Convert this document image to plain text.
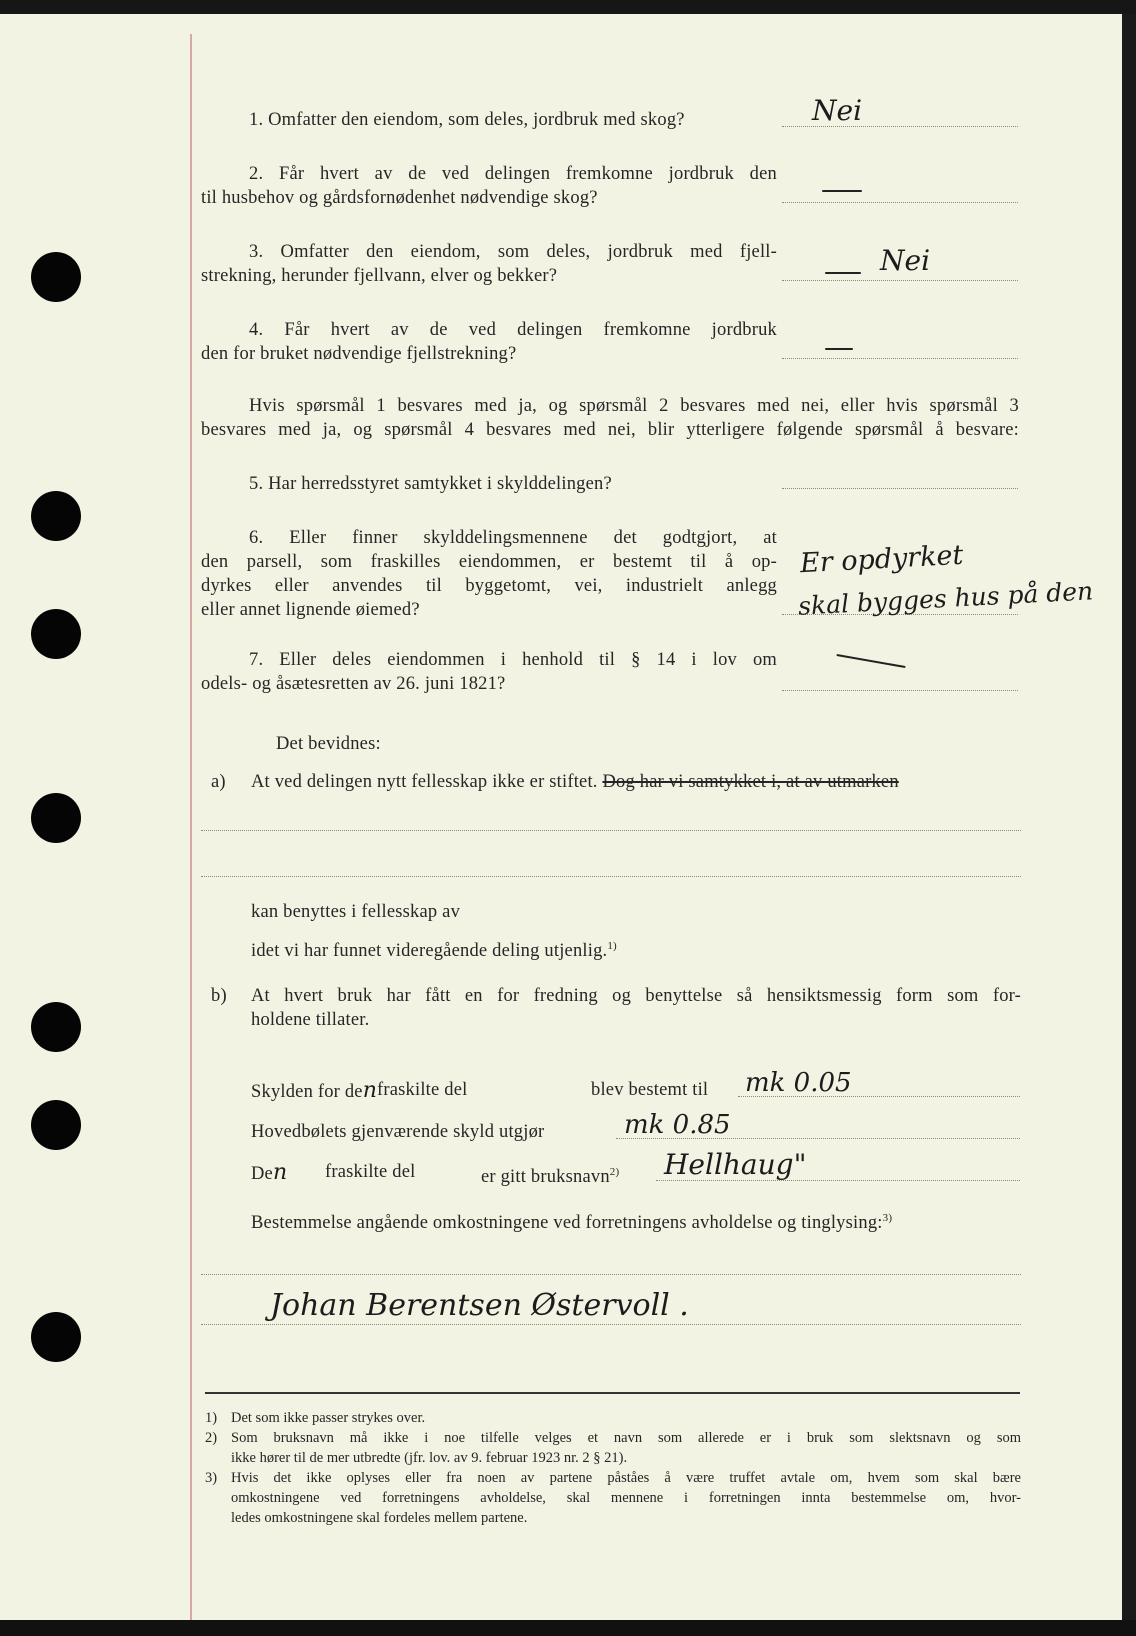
1. Omfatter den eiendom, som deles, jordbruk med skog?	Nei
2. Får hvert av de ved delingen fremkomne jordbruk den
til husbehov og gårdsfornødenhet nødvendige skog?
3. Omfatter den eiendom, som deles, jordbruk med fjell-
strekning, herunder fjellvann, elver og bekker?	Nei
4. Får hvert av de ved delingen fremkomne jordbruk
den for bruket nødvendige fjellstrekning?
Hvis spørsmål 1 besvares med ja, og spørsmål 2 besvares med nei, eller hvis spørsmål 3
besvares med ja, og spørsmål 4 besvares med nei, blir ytterligere følgende spørsmål å besvare:
5. Har herredsstyret samtykket i skylddelingen?
6. Eller finner skylddelingsmennene det godtgjort, at
den parsell, som fraskilles eiendommen, er bestemt til å op-
dyrkes eller anvendes til byggetomt, vei, industrielt anlegg
eller annet lignende øiemed?
Er opdyrket
skal bygges hus på den
7. Eller deles eiendommen i henhold til § 14 i lov om
odels- og åsætesretten av 26. juni 1821?
Det bevidnes:
a) At ved delingen nytt fellesskap ikke er stiftet. Dog har vi samtykket i, at av utmarken
kan benyttes i fellesskap av
idet vi har funnet videregående deling utjenlig.$^{1)}$
b) At hvert bruk har fått en for fredning og benyttelse så hensiktsmessig form som for-
holdene tillater.
Skylden for den fraskilte del	blev bestemt til mk 0.05
Hovedbølets gjenværende skyld utgjør	mk 0.85
Den fraskilte del	er gitt bruksnavn$^{2)}$ Hellhaug"
Bestemmelse angående omkostningene ved forretningens avholdelse og tinglysing:$^{3)}$
Johan Berentsen Østervoll .
1) Det som ikke passer strykes over.
2) Som bruksnavn må ikke i noe tilfelle velges et navn som allerede er i bruk som slektsnavn og som
ikke hører til de mer utbredte (jfr. lov. av 9. februar 1923 nr. 2 § 21).
3) Hvis det ikke oplyses eller fra noen av partene påståes å være truffet avtale om, hvem som skal bære
omkostningene ved forretningens avholdelse, skal mennene i forretningen innta bestemmelse om, hvor-
ledes omkostningene skal fordeles mellem partene.
